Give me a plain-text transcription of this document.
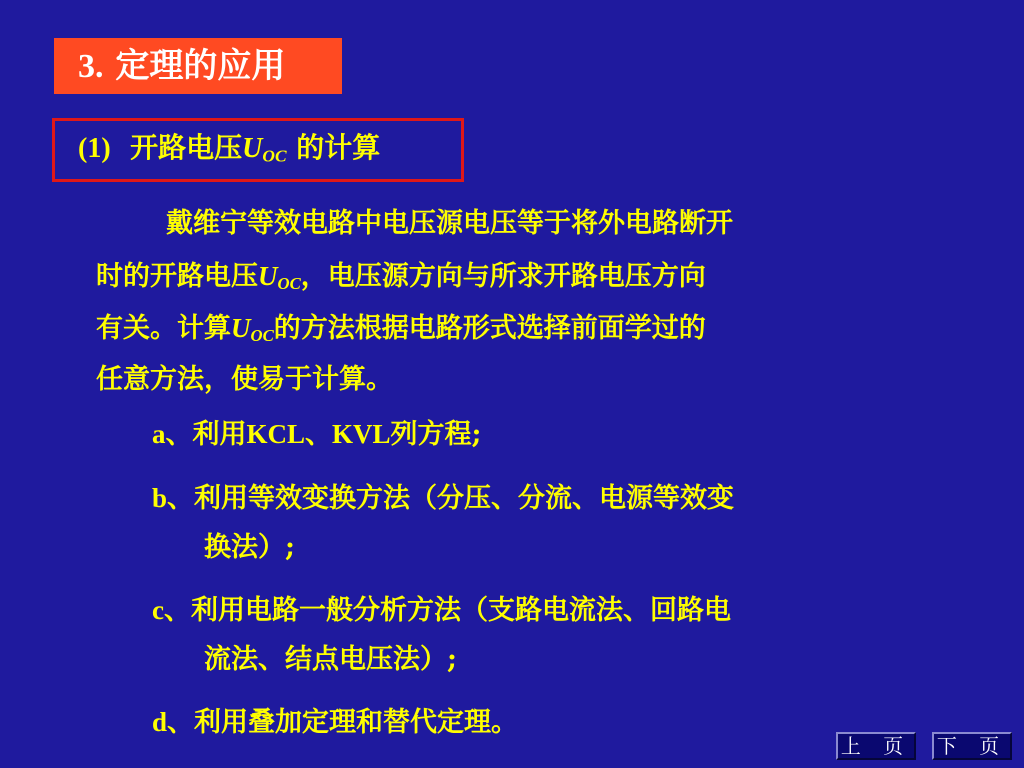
3. 定理的应用
(1) 开路电压$U_{OC}$ 的计算
戴维宁等效电路中电压源电压等于将外电路断开
时的开路电压$U_{OC}$，电压源方向与所求开路电压方向
有关。计算$U_{OC}$的方法根据电路形式选择前面学过的
任意方法，使易于计算。
a、利用KCL、KVL列方程;
b、利用等效变换方法（分压、分流、电源等效变
换法）;
c、利用电路一般分析方法（支路电流法、回路电
流法、结点电压法）;
d、利用叠加定理和替代定理。
上 页 下 页
